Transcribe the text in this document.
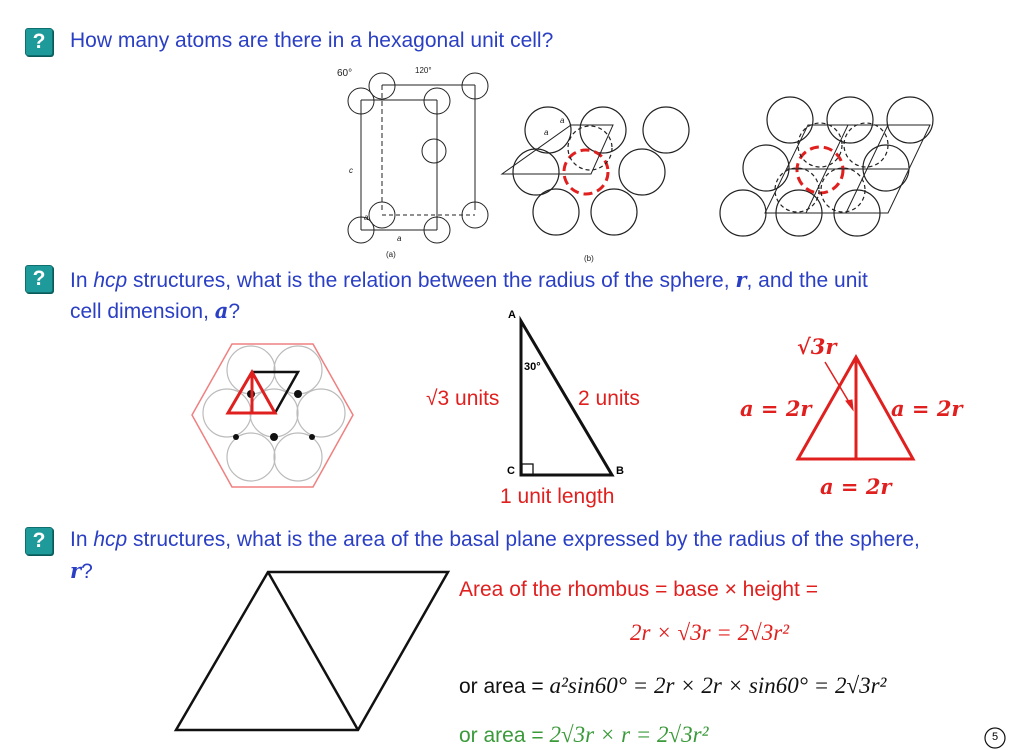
?	How many atoms are there in a hexagonal unit cell?
60°	120°
c
a
a
(a)	(b)
a
a
?	In hcp structures, what is the relation between the radius of the sphere, r, and the unit
cell dimension, a?	A
C	B
30°
√3 units	2 units
1 unit length
√3r
a = 2r	a = 2r
a = 2r
?	In hcp structures, what is the area of the basal plane expressed by the radius of the sphere,
r?
Area of the rhombus = base × height =
2r × √3r = 2√3r²
or area = a²sin60° = 2r × 2r × sin60° = 2√3r²
or area = 2√3r × r = 2√3r²	5
